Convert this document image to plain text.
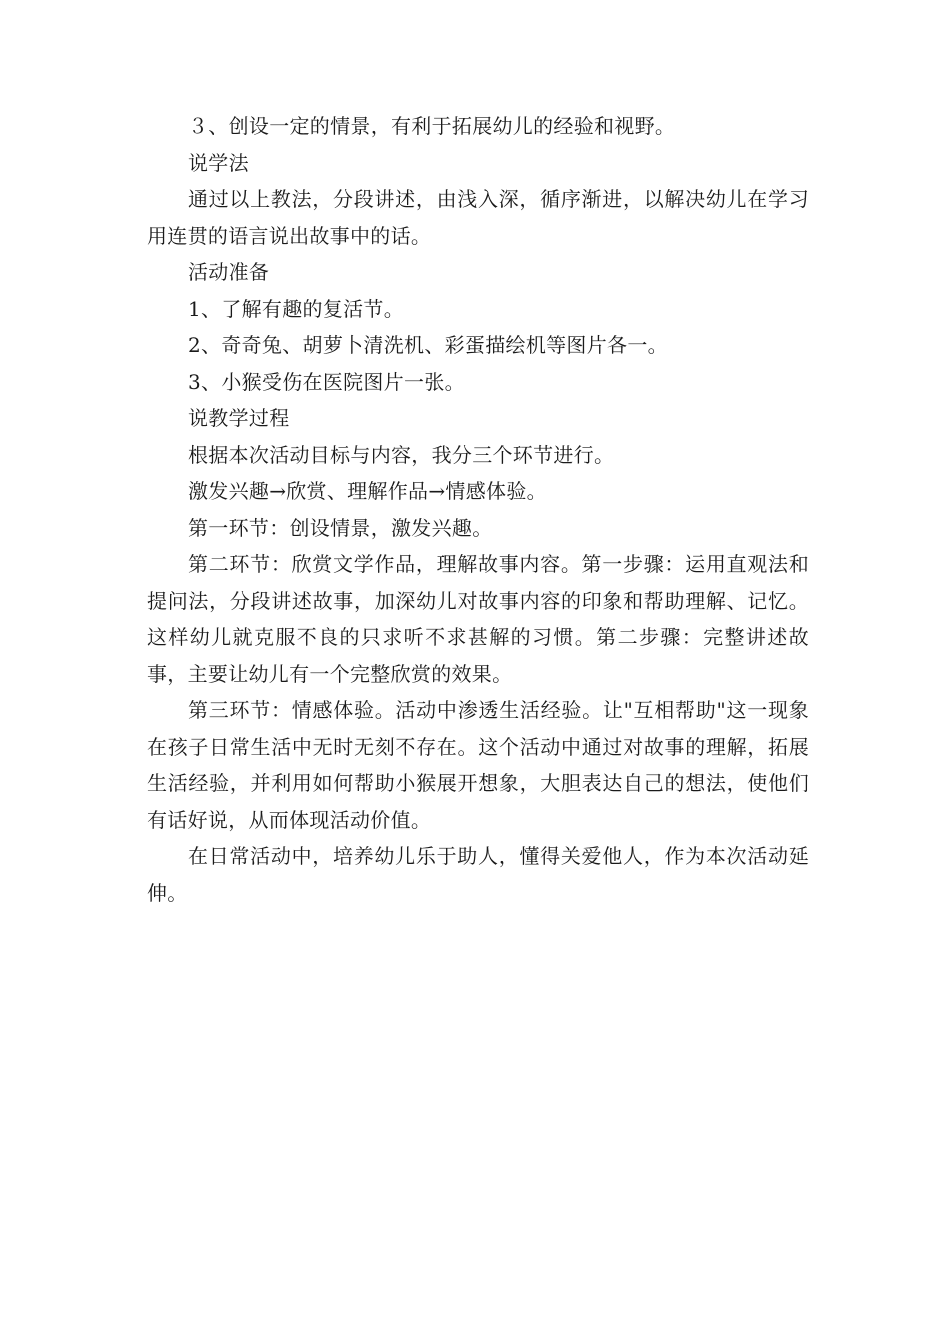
３、创设一定的情景，有利于拓展幼儿的经验和视野。

说学法

通过以上教法，分段讲述，由浅入深，循序渐进，以解决幼儿在学习用连贯的语言说出故事中的话。

活动准备

1、了解有趣的复活节。

2、奇奇兔、胡萝卜清洗机、彩蛋描绘机等图片各一。

3、小猴受伤在医院图片一张。

说教学过程

根据本次活动目标与内容，我分三个环节进行。

激发兴趣→欣赏、理解作品→情感体验。

第一环节：创设情景，激发兴趣。

第二环节：欣赏文学作品，理解故事内容。第一步骤：运用直观法和提问法，分段讲述故事，加深幼儿对故事内容的印象和帮助理解、记忆。这样幼儿就克服不良的只求听不求甚解的习惯。第二步骤：完整讲述故事，主要让幼儿有一个完整欣赏的效果。

第三环节：情感体验。活动中渗透生活经验。让"互相帮助"这一现象在孩子日常生活中无时无刻不存在。这个活动中通过对故事的理解，拓展生活经验，并利用如何帮助小猴展开想象，大胆表达自己的想法，使他们有话好说，从而体现活动价值。

在日常活动中，培养幼儿乐于助人，懂得关爱他人，作为本次活动延伸。
